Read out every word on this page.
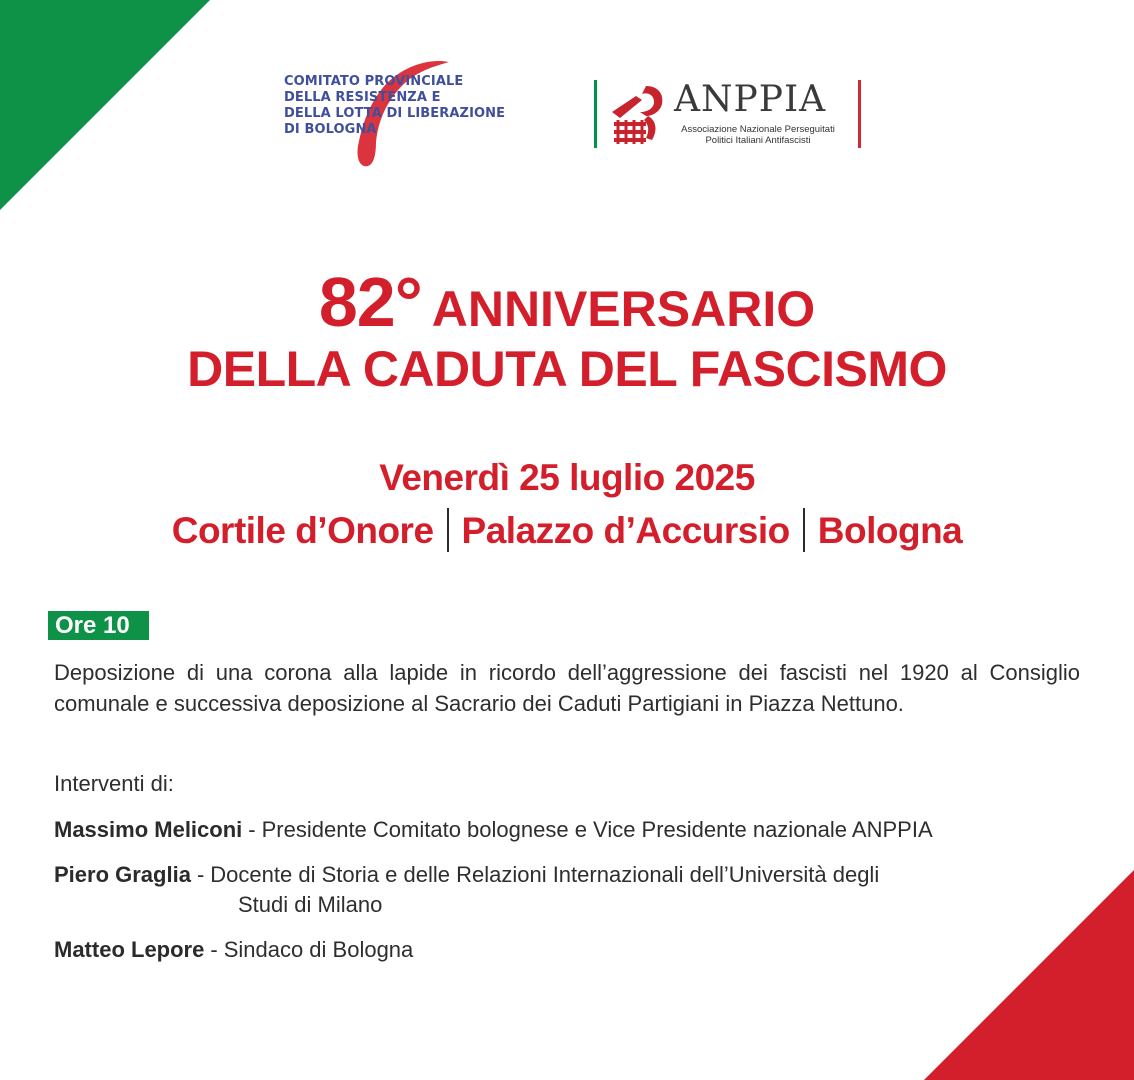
COMITATO PROVINCIALE
DELLA RESISTENZA E
DELLA LOTTA DI LIBERAZIONE
DI BOLOGNA
ANPPIA
Associazione Nazionale Perseguitati
Politici Italiani Antifascisti
82° ANNIVERSARIO
DELLA CADUTA DEL FASCISMO
Venerdì 25 luglio 2025
Cortile d’Onore Palazzo d’Accursio Bologna
Ore 10
Deposizione di una corona alla lapide in ricordo dell’aggressione dei fascisti nel 1920 al Consiglio comunale e successiva deposizione al Sacrario dei Caduti Partigiani in Piazza Nettuno.
Interventi di:
Massimo Meliconi - Presidente Comitato bolognese e Vice Presidente nazionale ANPPIA
Piero Graglia - Docente di Storia e delle Relazioni Internazionali dell’Università degli
Studi di Milano
Matteo Lepore - Sindaco di Bologna
